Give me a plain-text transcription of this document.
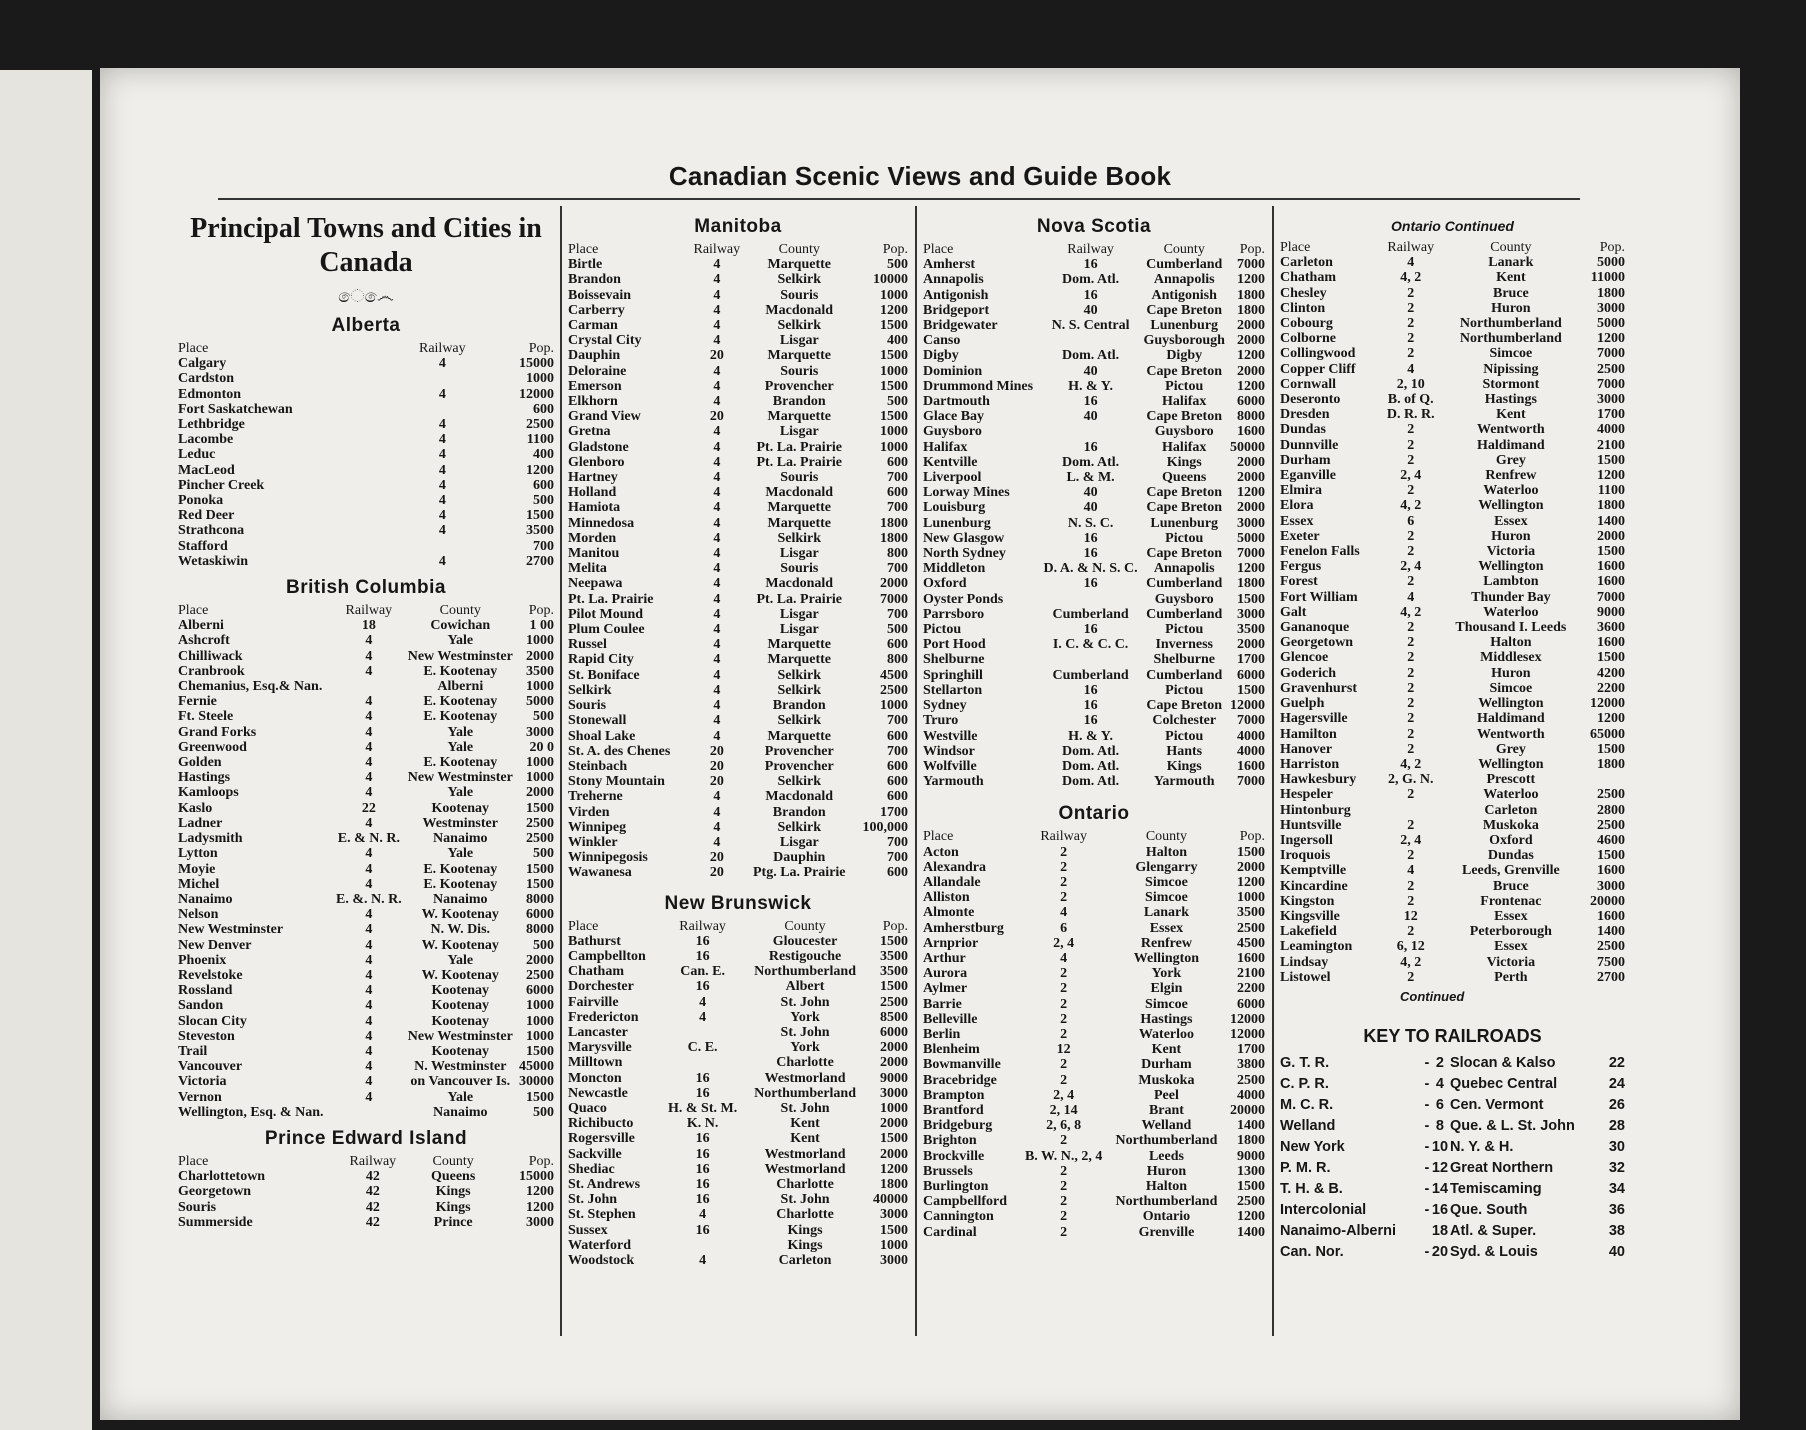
Canadian Scenic Views and Guide Book
Principal Towns and Cities in Canada
ෙ෴ෙ
Alberta
Place	Railway	Pop.
Calgary	4	15000
Cardston		1000
Edmonton	4	12000
Fort Saskatchewan		600
Lethbridge	4	2500
Lacombe	4	1100
Leduc	4	400
MacLeod	4	1200
Pincher Creek	4	600
Ponoka	4	500
Red Deer	4	1500
Strathcona	4	3500
Stafford		700
Wetaskiwin	4	2700
British Columbia
Place	Railway	County	Pop.
Alberni	18	Cowichan	1 00
Ashcroft	4	Yale	1000
Chilliwack	4	New Westminster	2000
Cranbrook	4	E. Kootenay	3500
Chemanius, Esq.& Nan.		Alberni	1000
Fernie	4	E. Kootenay	5000
Ft. Steele	4	E. Kootenay	500
Grand Forks	4	Yale	3000
Greenwood	4	Yale	20 0
Golden	4	E. Kootenay	1000
Hastings	4	New Westminster	1000
Kamloops	4	Yale	2000
Kaslo	22	Kootenay	1500
Ladner	4	Westminster	2500
Ladysmith	E. & N. R.	Nanaimo	2500
Lytton	4	Yale	500
Moyie	4	E. Kootenay	1500
Michel	4	E. Kootenay	1500
Nanaimo	E. &. N. R.	Nanaimo	8000
Nelson	4	W. Kootenay	6000
New Westminster	4	N. W. Dis.	8000
New Denver	4	W. Kootenay	500
Phoenix	4	Yale	2000
Revelstoke	4	W. Kootenay	2500
Rossland	4	Kootenay	6000
Sandon	4	Kootenay	1000
Slocan City	4	Kootenay	1000
Steveston	4	New Westminster	1000
Trail	4	Kootenay	1500
Vancouver	4	N. Westminster	45000
Victoria	4	on Vancouver Is.	30000
Vernon	4	Yale	1500
Wellington, Esq. & Nan.		Nanaimo	500
Prince Edward Island
Place	Railway	County	Pop.
Charlottetown	42	Queens	15000
Georgetown	42	Kings	1200
Souris	42	Kings	1200
Summerside	42	Prince	3000
Manitoba
Place	Railway	County	Pop.
Birtle	4	Marquette	500
Brandon	4	Selkirk	10000
Boissevain	4	Souris	1000
Carberry	4	Macdonald	1200
Carman	4	Selkirk	1500
Crystal City	4	Lisgar	400
Dauphin	20	Marquette	1500
Deloraine	4	Souris	1000
Emerson	4	Provencher	1500
Elkhorn	4	Brandon	500
Grand View	20	Marquette	1500
Gretna	4	Lisgar	1000
Gladstone	4	Pt. La. Prairie	1000
Glenboro	4	Pt. La. Prairie	600
Hartney	4	Souris	700
Holland	4	Macdonald	600
Hamiota	4	Marquette	700
Minnedosa	4	Marquette	1800
Morden	4	Selkirk	1800
Manitou	4	Lisgar	800
Melita	4	Souris	700
Neepawa	4	Macdonald	2000
Pt. La. Prairie	4	Pt. La. Prairie	7000
Pilot Mound	4	Lisgar	700
Plum Coulee	4	Lisgar	500
Russel	4	Marquette	600
Rapid City	4	Marquette	800
St. Boniface	4	Selkirk	4500
Selkirk	4	Selkirk	2500
Souris	4	Brandon	1000
Stonewall	4	Selkirk	700
Shoal Lake	4	Marquette	600
St. A. des Chenes	20	Provencher	700
Steinbach	20	Provencher	600
Stony Mountain	20	Selkirk	600
Treherne	4	Macdonald	600
Virden	4	Brandon	1700
Winnipeg	4	Selkirk	100,000
Winkler	4	Lisgar	700
Winnipegosis	20	Dauphin	700
Wawanesa	20	Ptg. La. Prairie	600
New Brunswick
Place	Railway	County	Pop.
Bathurst	16	Gloucester	1500
Campbellton	16	Restigouche	3500
Chatham	Can. E.	Northumberland	3500
Dorchester	16	Albert	1500
Fairville	4	St. John	2500
Fredericton	4	York	8500
Lancaster		St. John	6000
Marysville	C. E.	York	2000
Milltown		Charlotte	2000
Moncton	16	Westmorland	9000
Newcastle	16	Northumberland	3000
Quaco	H. & St. M.	St. John	1000
Richibucto	K. N.	Kent	2000
Rogersville	16	Kent	1500
Sackville	16	Westmorland	2000
Shediac	16	Westmorland	1200
St. Andrews	16	Charlotte	1800
St. John	16	St. John	40000
St. Stephen	4	Charlotte	3000
Sussex	16	Kings	1500
Waterford		Kings	1000
Woodstock	4	Carleton	3000
Nova Scotia
Place	Railway	County	Pop.
Amherst	16	Cumberland	7000
Annapolis	Dom. Atl.	Annapolis	1200
Antigonish	16	Antigonish	1800
Bridgeport	40	Cape Breton	1800
Bridgewater	N. S. Central	Lunenburg	2000
Canso		Guysborough	2000
Digby	Dom. Atl.	Digby	1200
Dominion	40	Cape Breton	2000
Drummond Mines	H. & Y.	Pictou	1200
Dartmouth	16	Halifax	6000
Glace Bay	40	Cape Breton	8000
Guysboro		Guysboro	1600
Halifax	16	Halifax	50000
Kentville	Dom. Atl.	Kings	2000
Liverpool	L. & M.	Queens	2000
Lorway Mines	40	Cape Breton	1200
Louisburg	40	Cape Breton	2000
Lunenburg	N. S. C.	Lunenburg	3000
New Glasgow	16	Pictou	5000
North Sydney	16	Cape Breton	7000
Middleton	D. A. & N. S. C.	Annapolis	1200
Oxford	16	Cumberland	1800
Oyster Ponds		Guysboro	1500
Parrsboro	Cumberland	Cumberland	3000
Pictou	16	Pictou	3500
Port Hood	I. C. & C. C.	Inverness	2000
Shelburne		Shelburne	1700
Springhill	Cumberland	Cumberland	6000
Stellarton	16	Pictou	1500
Sydney	16	Cape Breton	12000
Truro	16	Colchester	7000
Westville	H. & Y.	Pictou	4000
Windsor	Dom. Atl.	Hants	4000
Wolfville	Dom. Atl.	Kings	1600
Yarmouth	Dom. Atl.	Yarmouth	7000
Ontario
Place	Railway	County	Pop.
Acton	2	Halton	1500
Alexandra	2	Glengarry	2000
Allandale	2	Simcoe	1200
Alliston	2	Simcoe	1000
Almonte	4	Lanark	3500
Amherstburg	6	Essex	2500
Arnprior	2, 4	Renfrew	4500
Arthur	4	Wellington	1600
Aurora	2	York	2100
Aylmer	2	Elgin	2200
Barrie	2	Simcoe	6000
Belleville	2	Hastings	12000
Berlin	2	Waterloo	12000
Blenheim	12	Kent	1700
Bowmanville	2	Durham	3800
Bracebridge	2	Muskoka	2500
Brampton	2, 4	Peel	4000
Brantford	2, 14	Brant	20000
Bridgeburg	2, 6, 8	Welland	1400
Brighton	2	Northumberland	1800
Brockville	B. W. N., 2, 4	Leeds	9000
Brussels	2	Huron	1300
Burlington	2	Halton	1500
Campbellford	2	Northumberland	2500
Cannington	2	Ontario	1200
Cardinal	2	Grenville	1400
Ontario Continued
Place	Railway	County	Pop.
Carleton	4	Lanark	5000
Chatham	4, 2	Kent	11000
Chesley	2	Bruce	1800
Clinton	2	Huron	3000
Cobourg	2	Northumberland	5000
Colborne	2	Northumberland	1200
Collingwood	2	Simcoe	7000
Copper Cliff	4	Nipissing	2500
Cornwall	2, 10	Stormont	7000
Deseronto	B. of Q.	Hastings	3000
Dresden	D. R. R.	Kent	1700
Dundas	2	Wentworth	4000
Dunnville	2	Haldimand	2100
Durham	2	Grey	1500
Eganville	2, 4	Renfrew	1200
Elmira	2	Waterloo	1100
Elora	4, 2	Wellington	1800
Essex	6	Essex	1400
Exeter	2	Huron	2000
Fenelon Falls	2	Victoria	1500
Fergus	2, 4	Wellington	1600
Forest	2	Lambton	1600
Fort William	4	Thunder Bay	7000
Galt	4, 2	Waterloo	9000
Gananoque	2	Thousand I. Leeds	3600
Georgetown	2	Halton	1600
Glencoe	2	Middlesex	1500
Goderich	2	Huron	4200
Gravenhurst	2	Simcoe	2200
Guelph	2	Wellington	12000
Hagersville	2	Haldimand	1200
Hamilton	2	Wentworth	65000
Hanover	2	Grey	1500
Harriston	4, 2	Wellington	1800
Hawkesbury	2, G. N.	Prescott	
Hespeler	2	Waterloo	2500
Hintonburg		Carleton	2800
Huntsville	2	Muskoka	2500
Ingersoll	2, 4	Oxford	4600
Iroquois	2	Dundas	1500
Kemptville	4	Leeds, Grenville	1600
Kincardine	2	Bruce	3000
Kingston	2	Frontenac	20000
Kingsville	12	Essex	1600
Lakefield	2	Peterborough	1400
Leamington	6, 12	Essex	2500
Lindsay	4, 2	Victoria	7500
Listowel	2	Perth	2700
Continued
KEY TO RAILROADS
G. T. R.	-	2	Slocan & Kalso	22
C. P. R.	-	4	Quebec Central	24
M. C. R.	-	6	Cen. Vermont	26
Welland	-	8	Que. & L. St. John	28
New York	-	10	N. Y. & H.	30
P. M. R.	-	12	Great Northern	32
T. H. & B.	-	14	Temiscaming	34
Intercolonial	-	16	Que. South	36
Nanaimo-Alberni		18	Atl. & Super.	38
Can. Nor.	-	20	Syd. & Louis	40
